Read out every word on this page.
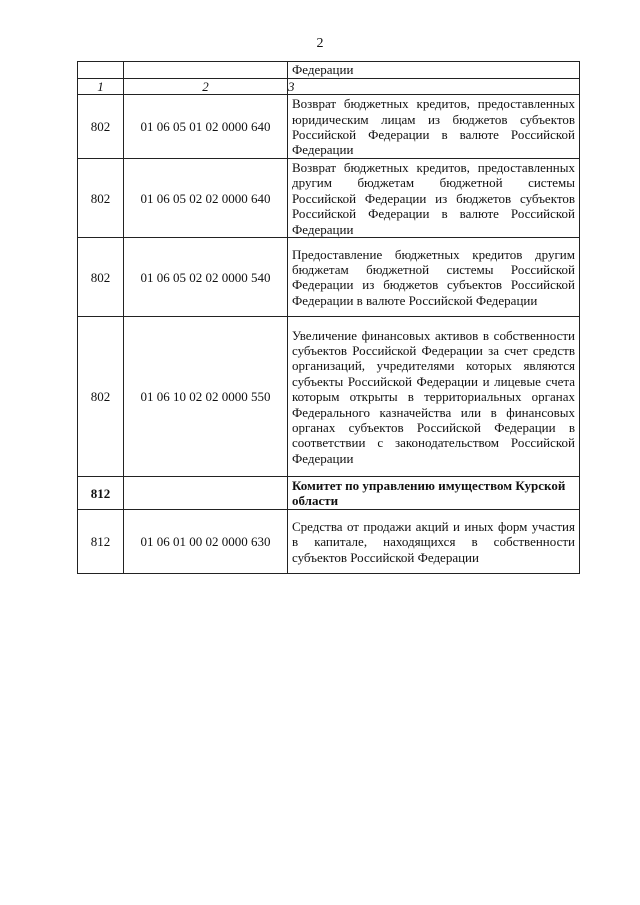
2
		Федерации
1	2	3
802	01 06 05 01 02 0000 640	Возврат бюджетных кредитов, предоставленных юридическим лицам из бюджетов субъектов Российской Федерации в валюте Российской Федерации
802	01 06 05 02 02 0000 640	Возврат бюджетных кредитов, предоставленных другим бюджетам бюджетной системы Российской Федерации из бюджетов субъектов Российской Федерации в валюте Российской Федерации
802	01 06 05 02 02 0000 540	Предоставление бюджетных кредитов другим бюджетам бюджетной системы Российской Федерации из бюджетов субъектов Российской Федерации в валюте Российской Федерации
802	01 06 10 02 02 0000 550	Увеличение финансовых активов в собственности субъектов Российской Федерации за счет средств организаций, учредителями которых являются субъекты Российской Федерации и лицевые счета которым открыты в территориальных органах Федерального казначейства или в финансовых органах субъектов Российской Федерации в соответствии с законодательством Российской Федерации
812		Комитет по управлению имуществом Курской области
812	01 06 01 00 02 0000 630	Средства от продажи акций и иных форм участия в капитале, находящихся в собственности субъектов Российской Федерации
